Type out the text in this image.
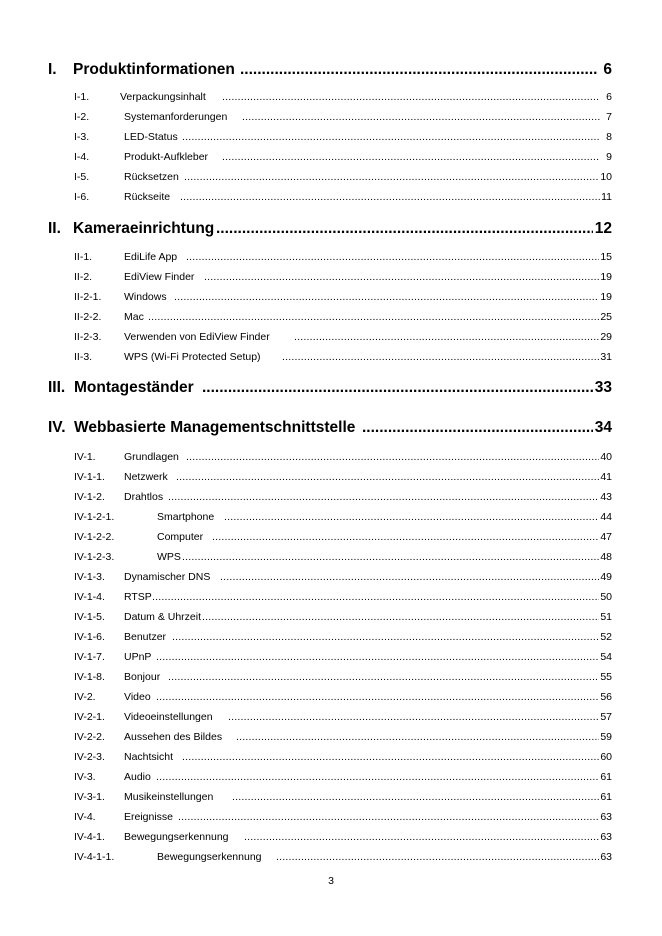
.....
I. Produktinformationen	6
.....
I-1.	Verpackungsinhalt	6
.....
I-2.	Systemanforderungen	7
.....
I-3.	LED-Status	8
.....
I-4.	Produkt-Aufkleber	9
.....
I-5.	Rücksetzen	10
.....
I-6.	Rückseite	11
.....
II. Kameraeinrichtung	12
.....
II-1.	EdiLife App	15
.....
II-2.	EdiView Finder	19
.....
II-2-1. Windows	19
.....
II-2-2. Mac	25
.....
II-2-3. Verwenden von EdiView Finder	29
.....
II-3.	WPS (Wi-Fi Protected Setup)	31
.....
III. Montageständer	33
.....
IV. Webbasierte Managementschnittstelle	34
.....
IV-1.	Grundlagen	40
.....
IV-1-1. Netzwerk	41
.....
IV-1-2. Drahtlos	43
.....
IV-1-2-1.	Smartphone	44
.....
IV-1-2-2.	Computer	47
.....
IV-1-2-3.	WPS	48
.....
IV-1-3. Dynamischer DNS	49
.....
IV-1-4. RTSP	50
.....
IV-1-5. Datum & Uhrzeit	51
.....
IV-1-6. Benutzer	52
.....
IV-1-7. UPnP	54
.....
IV-1-8. Bonjour	55
.....
IV-2.	Video	56
.....
IV-2-1. Videoeinstellungen	57
.....
IV-2-2. Aussehen des Bildes	59
.....
IV-2-3. Nachtsicht	60
.....
IV-3.	Audio	61
.....
IV-3-1. Musikeinstellungen	61
.....
IV-4.	Ereignisse	63
.....
IV-4-1. Bewegungserkennung	63
.....
IV-4-1-1.	Bewegungserkennung	63
3
